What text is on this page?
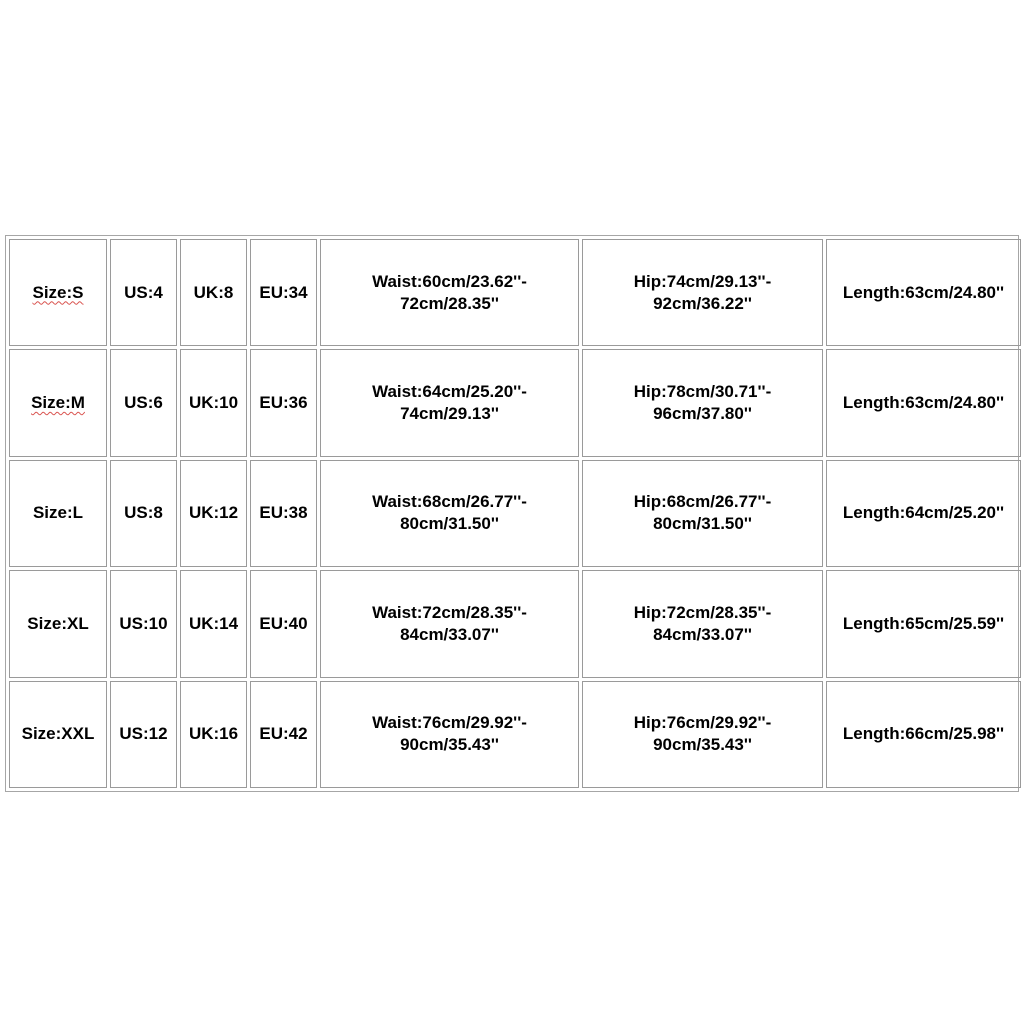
Size:S	US:4	UK:8	EU:34	Waist:60cm/23.62''-
72cm/28.35''	Hip:74cm/29.13''-
92cm/36.22''	Length:63cm/24.80''
Size:M	US:6	UK:10	EU:36	Waist:64cm/25.20''-
74cm/29.13''	Hip:78cm/30.71''-
96cm/37.80''	Length:63cm/24.80''
Size:L	US:8	UK:12	EU:38	Waist:68cm/26.77''-
80cm/31.50''	Hip:68cm/26.77''-
80cm/31.50''	Length:64cm/25.20''
Size:XL	US:10	UK:14	EU:40	Waist:72cm/28.35''-
84cm/33.07''	Hip:72cm/28.35''-
84cm/33.07''	Length:65cm/25.59''
Size:XXL	US:12	UK:16	EU:42	Waist:76cm/29.92''-
90cm/35.43''	Hip:76cm/29.92''-
90cm/35.43''	Length:66cm/25.98''
